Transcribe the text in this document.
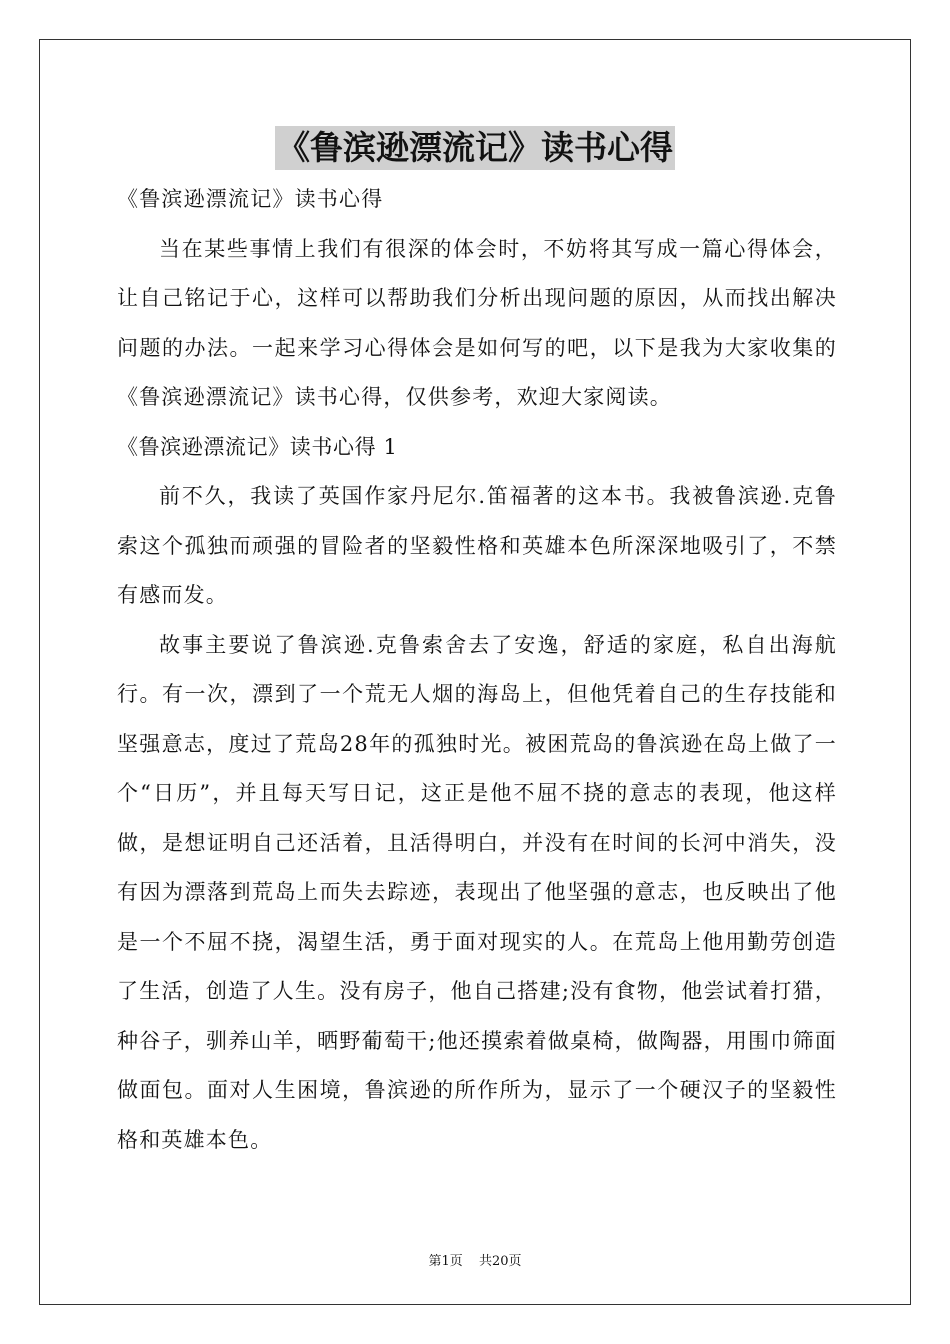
《鲁滨逊漂流记》读书心得
《鲁滨逊漂流记》读书心得

当在某些事情上我们有很深的体会时，不妨将其写成一篇心得体会，让自己铭记于心，这样可以帮助我们分析出现问题的原因，从而找出解决问题的办法。一起来学习心得体会是如何写的吧，以下是我为大家收集的《鲁滨逊漂流记》读书心得，仅供参考，欢迎大家阅读。

《鲁滨逊漂流记》读书心得 1

前不久，我读了英国作家丹尼尔.笛福著的这本书。我被鲁滨逊.克鲁索这个孤独而顽强的冒险者的坚毅性格和英雄本色所深深地吸引了，不禁有感而发。

故事主要说了鲁滨逊.克鲁索舍去了安逸，舒适的家庭，私自出海航行。有一次，漂到了一个荒无人烟的海岛上，但他凭着自己的生存技能和坚强意志，度过了荒岛28年的孤独时光。被困荒岛的鲁滨逊在岛上做了一个“日历”，并且每天写日记，这正是他不屈不挠的意志的表现，他这样做，是想证明自己还活着，且活得明白，并没有在时间的长河中消失，没有因为漂落到荒岛上而失去踪迹，表现出了他坚强的意志，也反映出了他是一个不屈不挠，渴望生活，勇于面对现实的人。在荒岛上他用勤劳创造了生活，创造了人生。没有房子，他自己搭建;没有食物，他尝试着打猎，种谷子，驯养山羊，晒野葡萄干;他还摸索着做桌椅，做陶器，用围巾筛面做面包。面对人生困境，鲁滨逊的所作所为，显示了一个硬汉子的坚毅性格和英雄本色。

第1页 共20页
